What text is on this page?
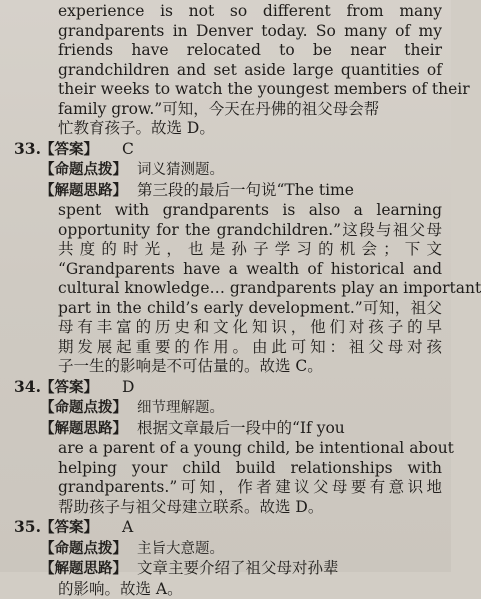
experience is not so different from many
grandparents in Denver today. So many of my
friends have relocated to be near their
grandchildren and set aside large quantities of
their weeks to watch the youngest members of their
family grow.”可知，今天在丹佛的祖父母会帮
忙教育孩子。故选 D。
33. 【答案】 C
【命题点拨】 词义猜测题。
【解题思路】 第三段的最后一句说“The time
spent with grandparents is also a learning
opportunity for the grandchildren.”这段与祖父母
共度的时光，也是孙子学习的机会；下文
“Grandparents have a wealth of historical and
cultural knowledge… grandparents play an important
part in the child’s early development.”可知，祖父
母有丰富的历史和文化知识，他们对孩子的早
期发展起重要的作用。由此可知：祖父母对孩
子一生的影响是不可估量的。故选 C。
34. 【答案】 D
【命题点拨】 细节理解题。
【解题思路】 根据文章最后一段中的“If you
are a parent of a young child, be intentional about
helping your child build relationships with
grandparents.”可知，作者建议父母要有意识地
帮助孩子与祖父母建立联系。故选 D。
35. 【答案】 A
【命题点拨】 主旨大意题。
【解题思路】 文章主要介绍了祖父母对孙辈
的影响。故选 A。
